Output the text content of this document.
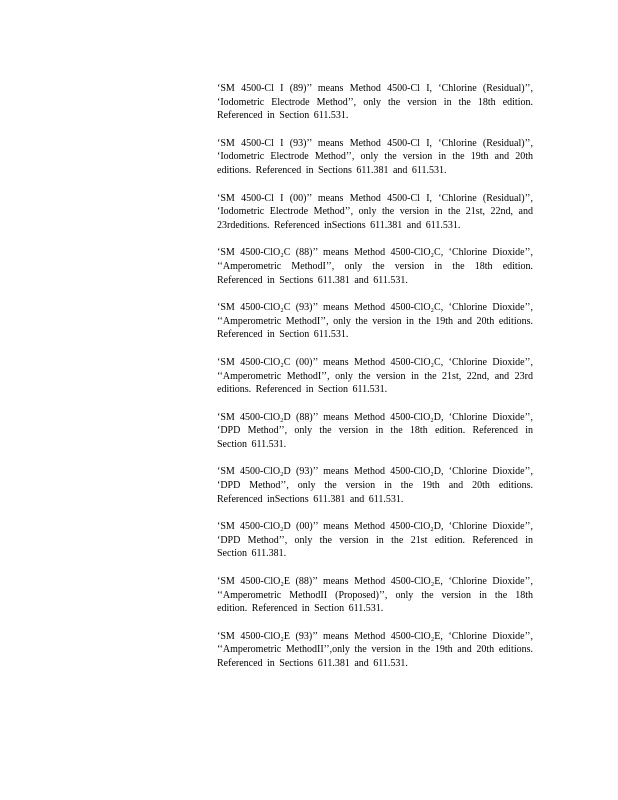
‘SM 4500-Cl I (89)’’ means Method 4500-Cl I, ‘Chlorine (Residual)’’, ‘Iodometric Electrode Method’’, only the version in the 18th edition. Referenced in Section 611.531.

‘SM 4500-Cl I (93)’’ means Method 4500-Cl I, ‘Chlorine (Residual)’’, ‘Iodometric Electrode Method’’, only the version in the 19th and 20th editions. Referenced in Sections 611.381 and 611.531.

‘SM 4500-Cl I (00)’’ means Method 4500-Cl I, ‘Chlorine (Residual)’’, ‘Iodometric Electrode Method’’, only the version in the 21st, 22nd, and 23rdeditions. Referenced inSections 611.381 and 611.531.

‘SM 4500-ClO₂C (88)’’ means Method 4500-ClO₂C, ‘Chlorine Dioxide’’, ‘‘Amperometric MethodI’’, only the version in the 18th edition. Referenced in Sections 611.381 and 611.531.

‘SM 4500-ClO₂C (93)’’ means Method 4500-ClO₂C, ‘Chlorine Dioxide’’, ‘‘Amperometric MethodI’’, only the version in the 19th and 20th editions. Referenced in Section 611.531.

‘SM 4500-ClO₂C (00)’’ means Method 4500-ClO₂C, ‘Chlorine Dioxide’’, ‘‘Amperometric MethodI’’, only the version in the 21st, 22nd, and 23rd editions. Referenced in Section 611.531.

‘SM 4500-ClO₂D (88)’’ means Method 4500-ClO₂D, ‘Chlorine Dioxide’’, ‘DPD Method’’, only the version in the 18th edition. Referenced in Section 611.531.

‘SM 4500-ClO₂D (93)’’ means Method 4500-ClO₂D, ‘Chlorine Dioxide’’, ‘DPD Method’’, only the version in the 19th and 20th editions. Referenced inSections 611.381 and 611.531.

‘SM 4500-ClO₂D (00)’’ means Method 4500-ClO₂D, ‘Chlorine Dioxide’’, ‘DPD Method’’, only the version in the 21st edition. Referenced in Section 611.381.

‘SM 4500-ClO₂E (88)’’ means Method 4500-ClO₂E, ‘Chlorine Dioxide’’, ‘‘Amperometric MethodII (Proposed)’’, only the version in the 18th edition. Referenced in Section 611.531.

‘SM 4500-ClO₂E (93)’’ means Method 4500-ClO₂E, ‘Chlorine Dioxide’’, ‘‘Amperometric MethodII’’,only the version in the 19th and 20th editions. Referenced in Sections 611.381 and 611.531.
